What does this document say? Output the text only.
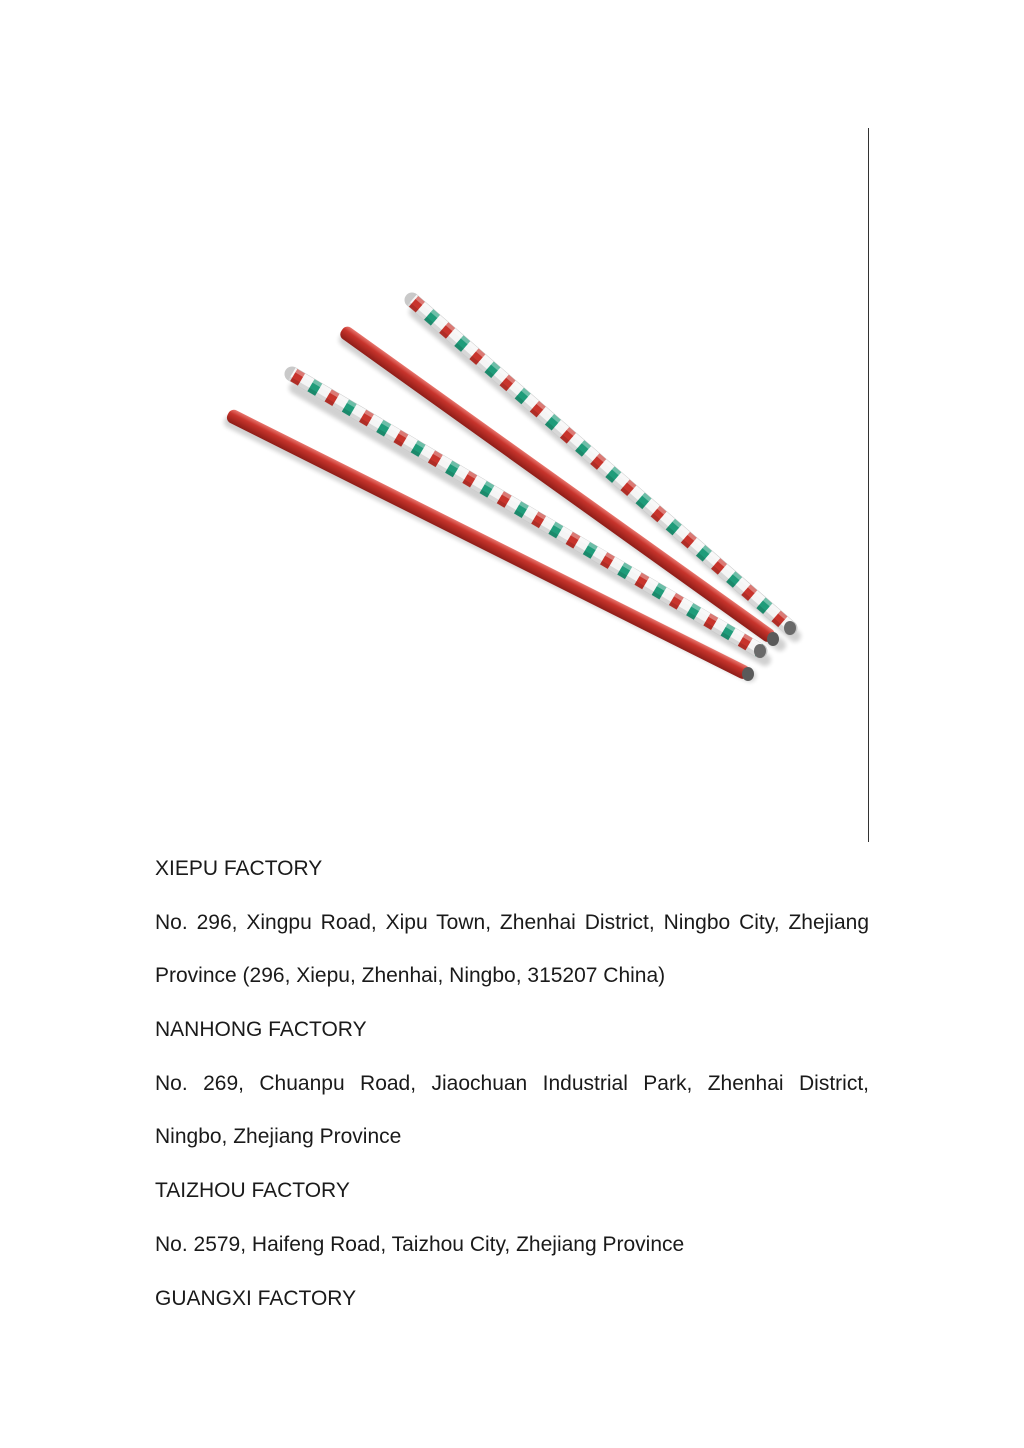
XIEPU FACTORY
No. 296, Xingpu Road, Xipu Town, Zhenhai District, Ningbo City, Zhejiang
Province (296, Xiepu, Zhenhai, Ningbo, 315207 China)
NANHONG FACTORY
No. 269, Chuanpu Road, Jiaochuan Industrial Park, Zhenhai District,
Ningbo, Zhejiang Province
TAIZHOU FACTORY
No. 2579, Haifeng Road, Taizhou City, Zhejiang Province
GUANGXI FACTORY
